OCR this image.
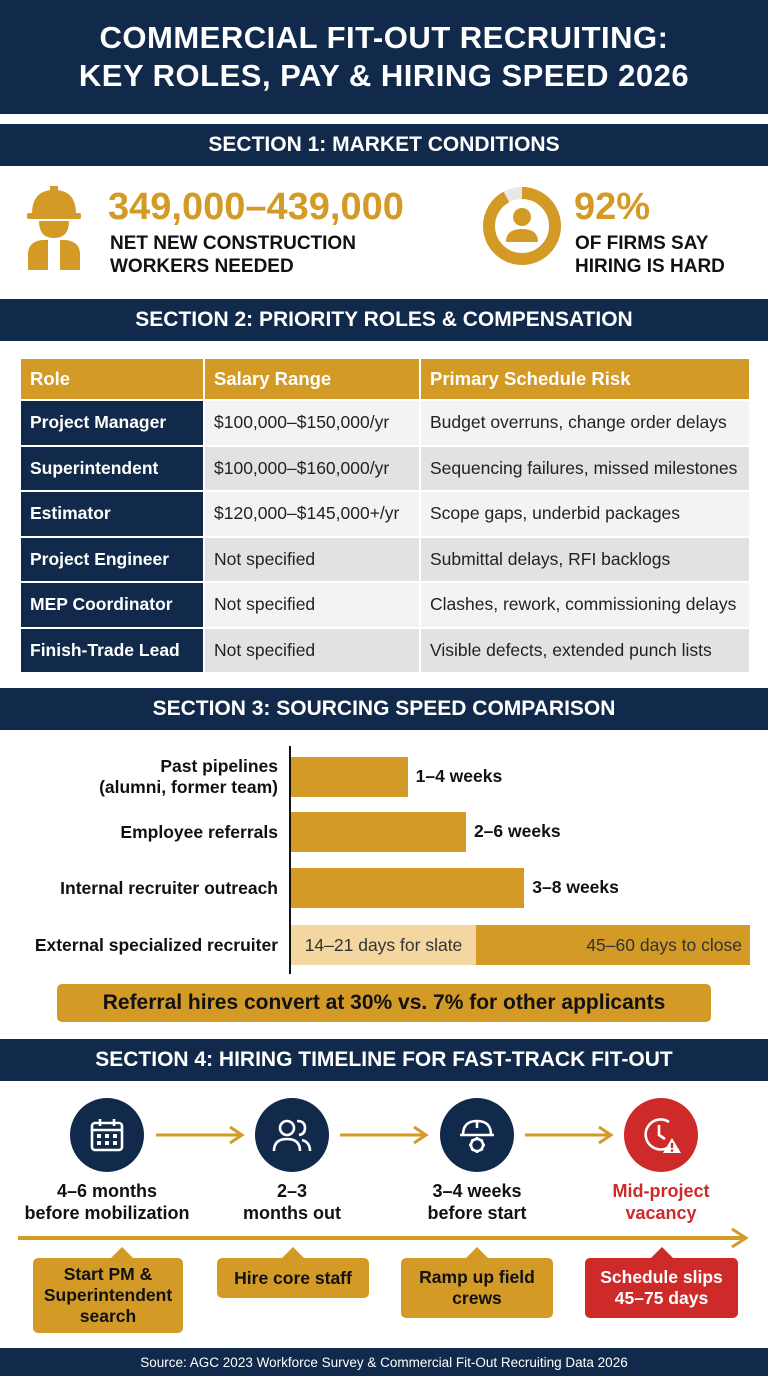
COMMERCIAL FIT-OUT RECRUITING:
KEY ROLES, PAY & HIRING SPEED 2026
SECTION 1: MARKET CONDITIONS
349,000–439,000
NET NEW CONSTRUCTION
WORKERS NEEDED
92%
OF FIRMS SAY
HIRING IS HARD
SECTION 2: PRIORITY ROLES & COMPENSATION
Role	Salary Range	Primary Schedule Risk
Project Manager	$100,000–$150,000/yr	Budget overruns, change order delays
Superintendent	$100,000–$160,000/yr	Sequencing failures, missed milestones
Estimator	$120,000–$145,000+/yr	Scope gaps, underbid packages
Project Engineer	Not specified	Submittal delays, RFI backlogs
MEP Coordinator	Not specified	Clashes, rework, commissioning delays
Finish-Trade Lead	Not specified	Visible defects, extended punch lists
SECTION 3: SOURCING SPEED COMPARISON
Past pipelines
(alumni, former team)
1–4 weeks
Employee referrals	2–6 weeks
Internal recruiter outreach	3–8 weeks
External specialized recruiter 14–21 days for slate	45–60 days to close
Referral hires convert at 30% vs. 7% for other applicants
SECTION 4: HIRING TIMELINE FOR FAST-TRACK FIT-OUT
4–6 months
before mobilization
2–3
months out
3–4 weeks
before start
Mid-project
vacancy
Start PM &
Superintendent
search
Hire core staff	Ramp up field
crews
Schedule slips
45–75 days
Source: AGC 2023 Workforce Survey & Commercial Fit-Out Recruiting Data 2026
